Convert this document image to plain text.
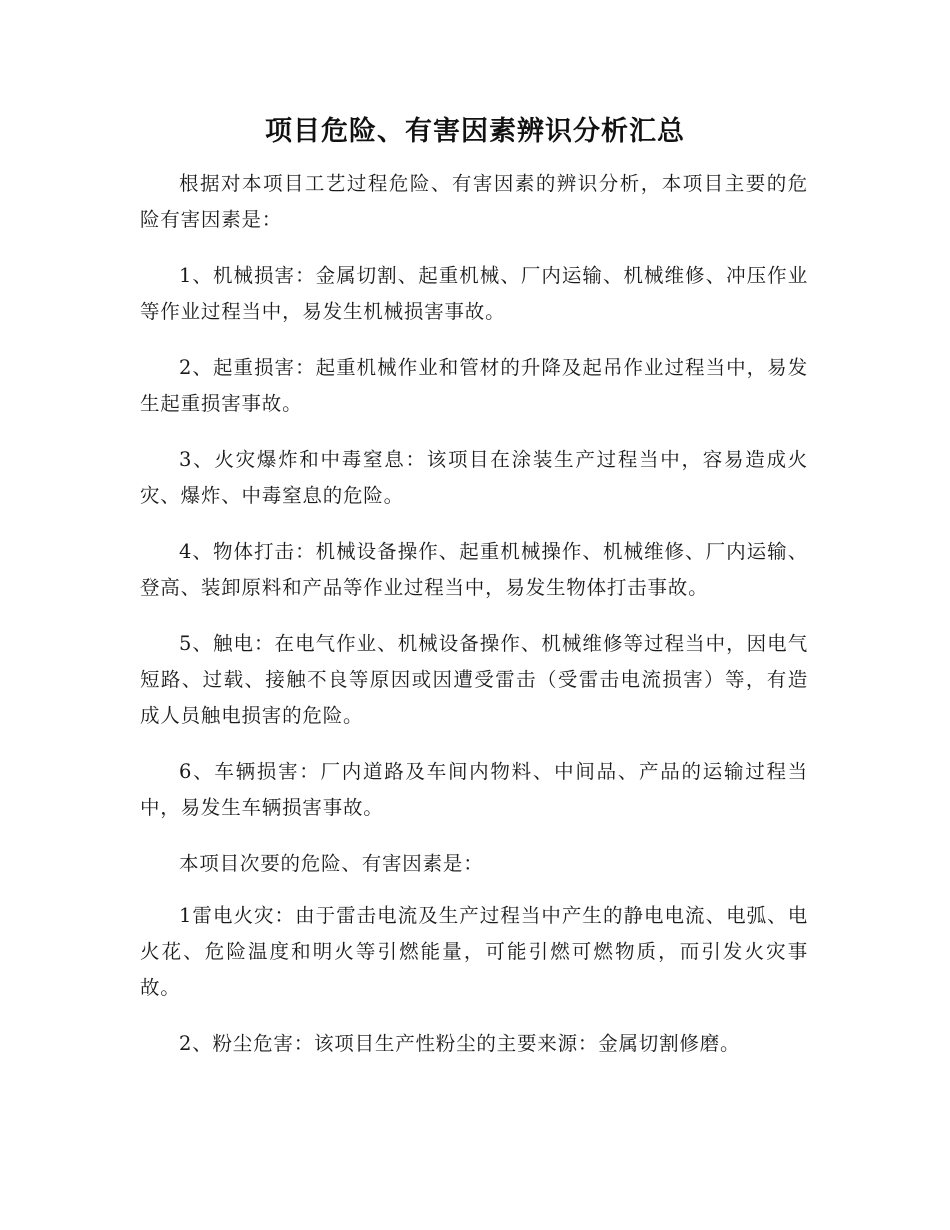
项目危险、有害因素辨识分析汇总

根据对本项目工艺过程危险、有害因素的辨识分析，本项目主要的危险有害因素是：

1、机械损害：金属切割、起重机械、厂内运输、机械维修、冲压作业等作业过程当中，易发生机械损害事故。

2、起重损害：起重机械作业和管材的升降及起吊作业过程当中，易发生起重损害事故。

3、火灾爆炸和中毒窒息：该项目在涂装生产过程当中，容易造成火灾、爆炸、中毒窒息的危险。

4、物体打击：机械设备操作、起重机械操作、机械维修、厂内运输、登高、装卸原料和产品等作业过程当中，易发生物体打击事故。

5、触电：在电气作业、机械设备操作、机械维修等过程当中，因电气短路、过载、接触不良等原因或因遭受雷击（受雷击电流损害）等，有造成人员触电损害的危险。

6、车辆损害：厂内道路及车间内物料、中间品、产品的运输过程当中，易发生车辆损害事故。

本项目次要的危险、有害因素是：

1雷电火灾：由于雷击电流及生产过程当中产生的静电电流、电弧、电火花、危险温度和明火等引燃能量，可能引燃可燃物质，而引发火灾事故。

2、粉尘危害：该项目生产性粉尘的主要来源：金属切割修磨。
